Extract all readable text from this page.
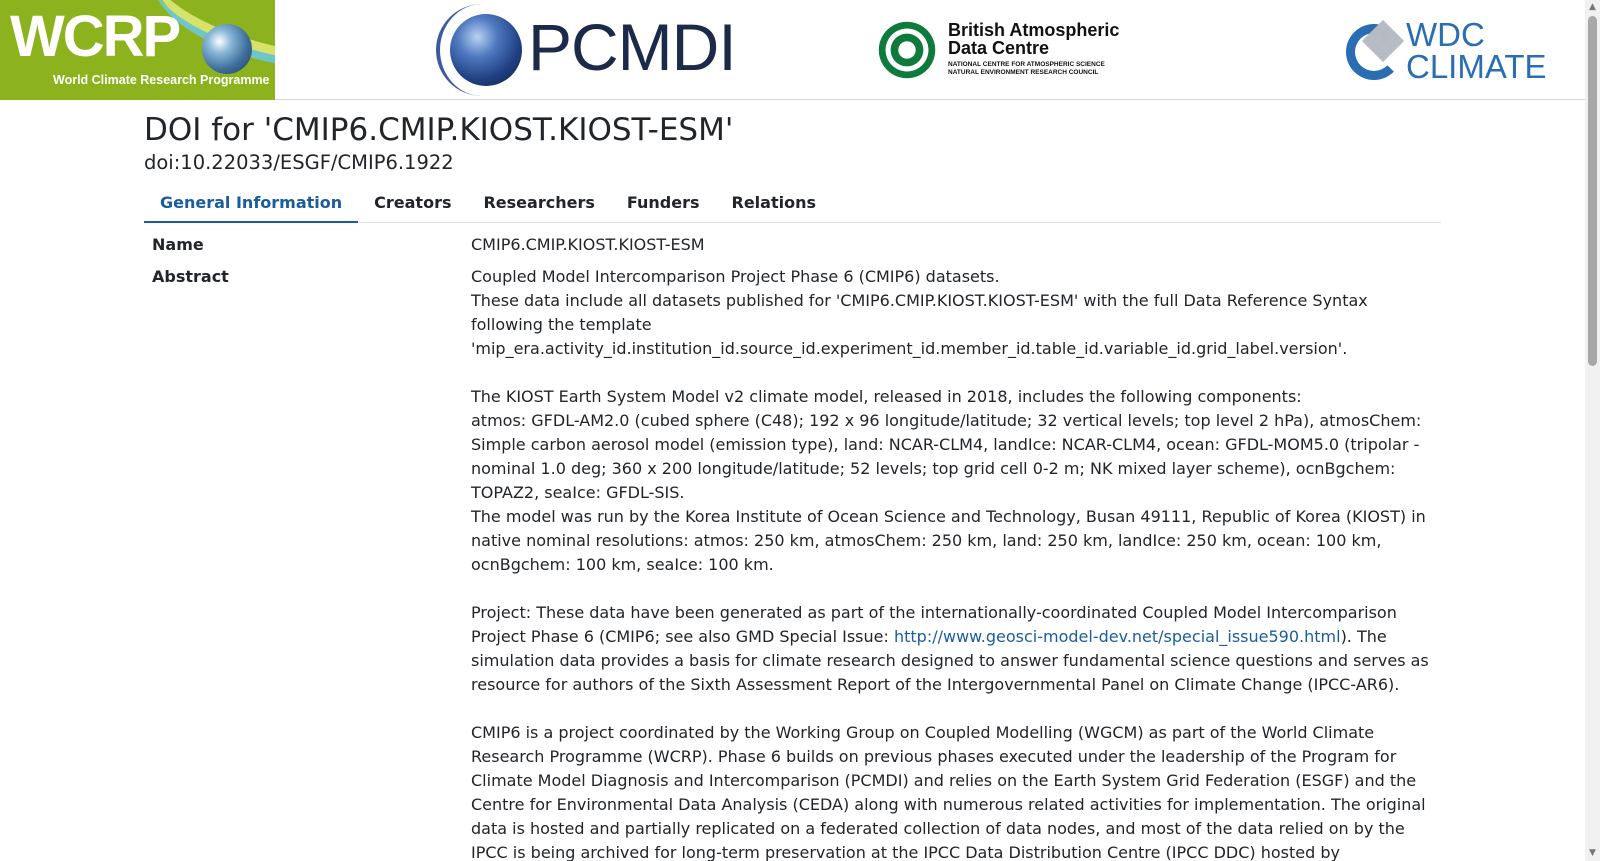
WCRP
World Climate Research Programme	PCMDI	British Atmospheric
Data Centre
NATIONAL CENTRE FOR ATMOSPHERIC SCIENCE
NATURAL ENVIRONMENT RESEARCH COUNCIL
WDC
CLIMATE
DOI for 'CMIP6.CMIP.KIOST.KIOST-ESM'
doi:10.22033/ESGF/CMIP6.1922
General Information	Creators	Researchers	Funders	Relations
Name	CMIP6.CMIP.KIOST.KIOST-ESM
Abstract	Coupled Model Intercomparison Project Phase 6 (CMIP6) datasets.

These data include all datasets published for 'CMIP6.CMIP.KIOST.KIOST-ESM' with the full Data Reference Syntax following the template 'mip_era.activity_id.institution_id.source_id.experiment_id.member_id.table_id.variable_id.grid_label.version'.

The KIOST Earth System Model v2 climate model, released in 2018, includes the following components:

atmos: GFDL-AM2.0 (cubed sphere (C48); 192 x 96 longitude/latitude; 32 vertical levels; top level 2 hPa), atmosChem: Simple carbon aerosol model (emission type), land: NCAR-CLM4, landIce: NCAR-CLM4, ocean: GFDL-MOM5.0 (tripolar - nominal 1.0 deg; 360 x 200 longitude/latitude; 52 levels; top grid cell 0-2 m; NK mixed layer scheme), ocnBgchem: TOPAZ2, seaIce: GFDL-SIS.

The model was run by the Korea Institute of Ocean Science and Technology, Busan 49111, Republic of Korea (KIOST) in native nominal resolutions: atmos: 250 km, atmosChem: 250 km, land: 250 km, landIce: 250 km, ocean: 100 km, ocnBgchem: 100 km, seaIce: 100 km.

Project: These data have been generated as part of the internationally-coordinated Coupled Model Intercomparison Project Phase 6 (CMIP6; see also GMD Special Issue: http://www.geosci-model-dev.net/special_issue590.html). The simulation data provides a basis for climate research designed to answer fundamental science questions and serves as resource for authors of the Sixth Assessment Report of the Intergovernmental Panel on Climate Change (IPCC-AR6).

CMIP6 is a project coordinated by the Working Group on Coupled Modelling (WGCM) as part of the World Climate Research Programme (WCRP). Phase 6 builds on previous phases executed under the leadership of the Program for Climate Model Diagnosis and Intercomparison (PCMDI) and relies on the Earth System Grid Federation (ESGF) and the Centre for Environmental Data Analysis (CEDA) along with numerous related activities for implementation. The original data is hosted and partially replicated on a federated collection of data nodes, and most of the data relied on by the IPCC is being archived for long-term preservation at the IPCC Data Distribution Centre (IPCC DDC) hosted by

▲
▼
